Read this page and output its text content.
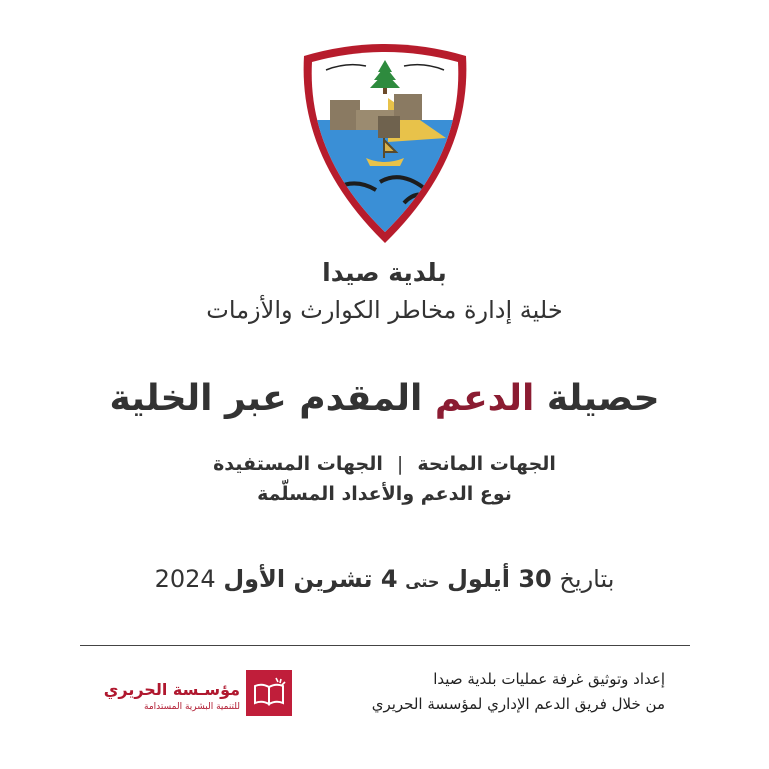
بلدية صيدا
خلية إدارة مخاطر الكوارث والأزمات
حصيلة الدعم المقدم عبر الخلية
الجهات المانحة|الجهات المستفيدة
نوع الدعم والأعداد المسلّمة
بتاريخ 30 أيلول حتى 4 تشرين الأول 2024
إعداد وتوثيق غرفة عمليات بلدية صيدا
من خلال فريق الدعم الإداري لمؤسسة الحريري
مؤسـسة الحريري
للتنمية البشرية المستدامة
